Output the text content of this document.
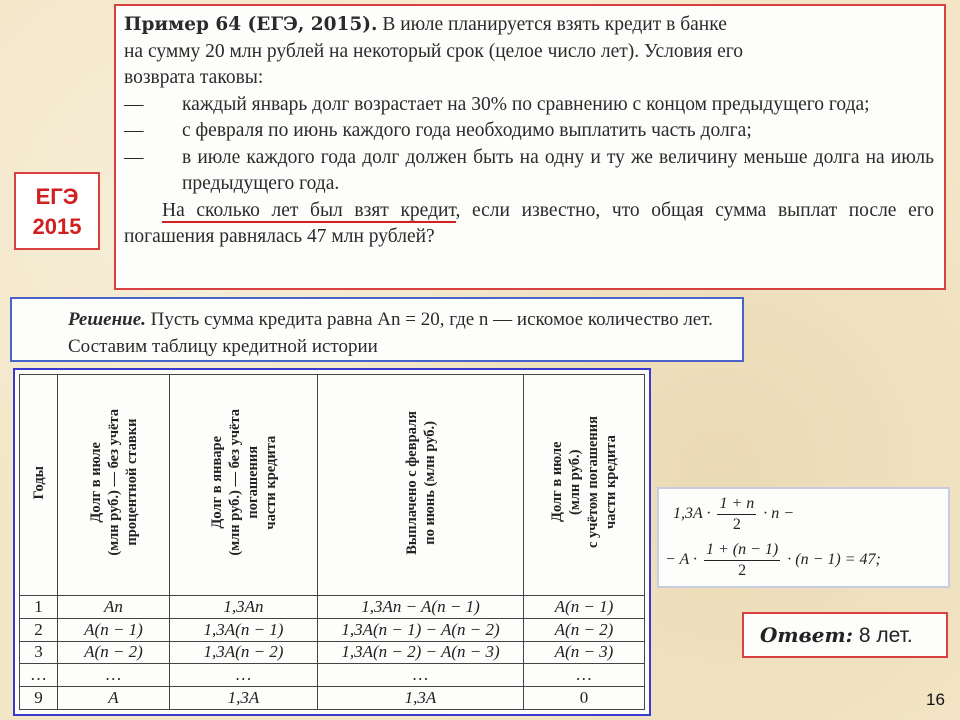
Пример 64 (ЕГЭ, 2015). В июле планируется взять кредит в банке
на сумму 20 млн рублей на некоторый срок (целое число лет). Условия его
возврата таковы:
—	каждый январь долг возрастает на 30% по сравнению с концом предыдущего года;
—	с февраля по июнь каждого года необходимо выплатить часть долга;
—	в июле каждого года долг должен быть на одну и ту же величину меньше долга на июль предыдущего года.
На сколько лет был взят кредит, если известно, что общая сумма выплат после его погашения равнялась 47 млн рублей?
ЕГЭ
2015
Решение. Пусть сумма кредита равна An = 20, где n — искомое количество лет. Составим таблицу кредитной истории
Годы	Долг в июле
(млн руб.) — без учёта
процентной ставки	Долг в январе
(млн руб.) — без учёта
погашения
части кредита	Выплачено с февраля
по июнь (млн руб.)	Долг в июле
(млн руб.)
с учётом погашения
части кредита
1	An	1,3An	1,3An − A(n − 1)	A(n − 1)
2	A(n − 1)	1,3A(n − 1)	1,3A(n − 1) − A(n − 2)	A(n − 2)
3	A(n − 2)	1,3A(n − 2)	1,3A(n − 2) − A(n − 3)	A(n − 3)
…	…	…	…	…
9	A	1,3A	1,3A	0
$1,3A \cdot \frac{1 + n}{2} \cdot n$ −
− $A \cdot \frac{1 + (n - 1)}{2} \cdot (n - 1) = 47$;
Ответ: 8 лет.
16
